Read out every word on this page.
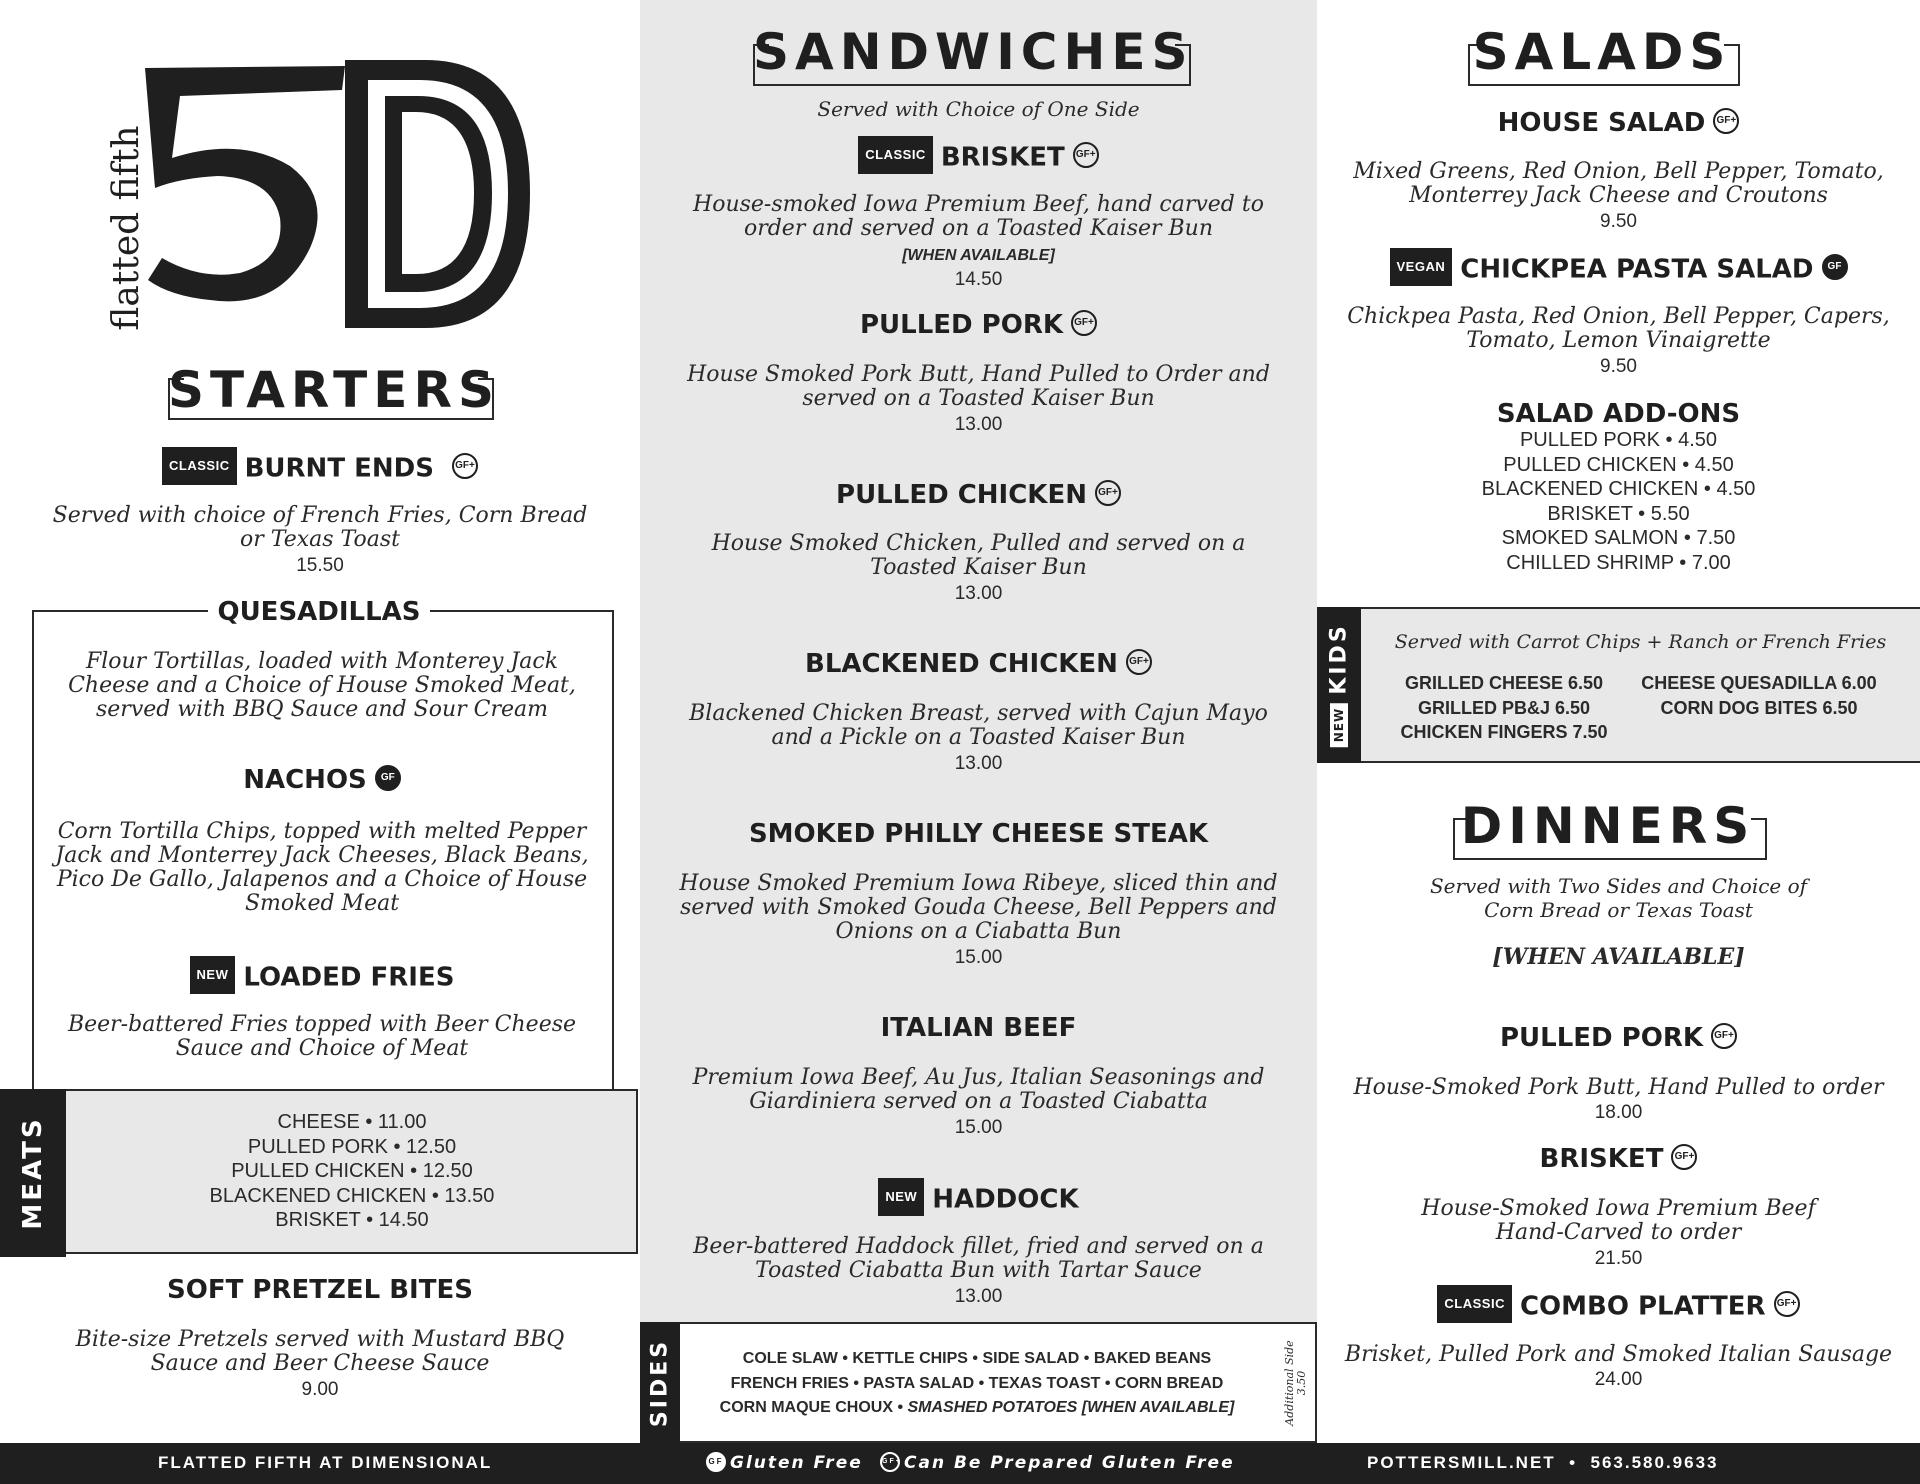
flatted fifth
STARTERS
CLASSIC BURNT ENDS GF+
Served with choice of French Fries, Corn Bread
or Texas Toast
15.50
QUESADILLAS
Flour Tortillas, loaded with Monterey Jack
Cheese and a Choice of House Smoked Meat,
served with BBQ Sauce and Sour Cream
NACHOS GF
Corn Tortilla Chips, topped with melted Pepper
Jack and Monterrey Jack Cheeses, Black Beans,
Pico De Gallo, Jalapenos and a Choice of House
Smoked Meat
NEW LOADED FRIES
Beer-battered Fries topped with Beer Cheese
Sauce and Choice of Meat
MEATS	CHEESE • 11.00
PULLED PORK • 12.50
PULLED CHICKEN • 12.50
BLACKENED CHICKEN • 13.50
BRISKET • 14.50
SOFT PRETZEL BITES
Bite-size Pretzels served with Mustard BBQ
Sauce and Beer Cheese Sauce
9.00
SANDWICHES
Served with Choice of One Side
CLASSIC BRISKET GF+
House-smoked Iowa Premium Beef, hand carved to
order and served on a Toasted Kaiser Bun
[WHEN AVAILABLE]
14.50
PULLED PORK GF+
House Smoked Pork Butt, Hand Pulled to Order and
served on a Toasted Kaiser Bun
13.00
PULLED CHICKEN GF+
House Smoked Chicken, Pulled and served on a
Toasted Kaiser Bun
13.00
BLACKENED CHICKEN GF+
Blackened Chicken Breast, served with Cajun Mayo
and a Pickle on a Toasted Kaiser Bun
13.00
SMOKED PHILLY CHEESE STEAK
House Smoked Premium Iowa Ribeye, sliced thin and
served with Smoked Gouda Cheese, Bell Peppers and
Onions on a Ciabatta Bun
15.00
ITALIAN BEEF
Premium Iowa Beef, Au Jus, Italian Seasonings and
Giardiniera served on a Toasted Ciabatta
15.00
NEW HADDOCK
Beer-battered Haddock fillet, fried and served on a
Toasted Ciabatta Bun with Tartar Sauce
13.00
SIDES	COLE SLAW • KETTLE CHIPS • SIDE SALAD • BAKED BEANS
FRENCH FRIES • PASTA SALAD • TEXAS TOAST • CORN BREAD
CORN MAQUE CHOUX • SMASHED POTATOES [WHEN AVAILABLE]	Additional Side 3.50
SALADS
HOUSE SALAD GF+
Mixed Greens, Red Onion, Bell Pepper, Tomato,
Monterrey Jack Cheese and Croutons
9.50
VEGAN CHICKPEA PASTA SALAD GF
Chickpea Pasta, Red Onion, Bell Pepper, Capers,
Tomato, Lemon Vinaigrette
9.50
SALAD ADD-ONS
PULLED PORK • 4.50
PULLED CHICKEN • 4.50
BLACKENED CHICKEN • 4.50
BRISKET • 5.50
SMOKED SALMON • 7.50
CHILLED SHRIMP • 7.00
KIDS
NEW
Served with Carrot Chips + Ranch or French Fries
GRILLED CHEESE 6.50
GRILLED PB&J 6.50
CHICKEN FINGERS 7.50
CHEESE QUESADILLA 6.00
CORN DOG BITES 6.50
DINNERS
Served with Two Sides and Choice of
Corn Bread or Texas Toast
[WHEN AVAILABLE]
PULLED PORK GF+
House-Smoked Pork Butt, Hand Pulled to order
18.00
BRISKET GF+
House-Smoked Iowa Premium Beef
Hand-Carved to order
21.50
CLASSIC COMBO PLATTER GF+
Brisket, Pulled Pork and Smoked Italian Sausage
24.00
FLATTED FIFTH AT DIMENSIONAL	GF Gluten Free	GF+ Can Be Prepared Gluten Free	POTTERSMILL.NET  •  563.580.9633
